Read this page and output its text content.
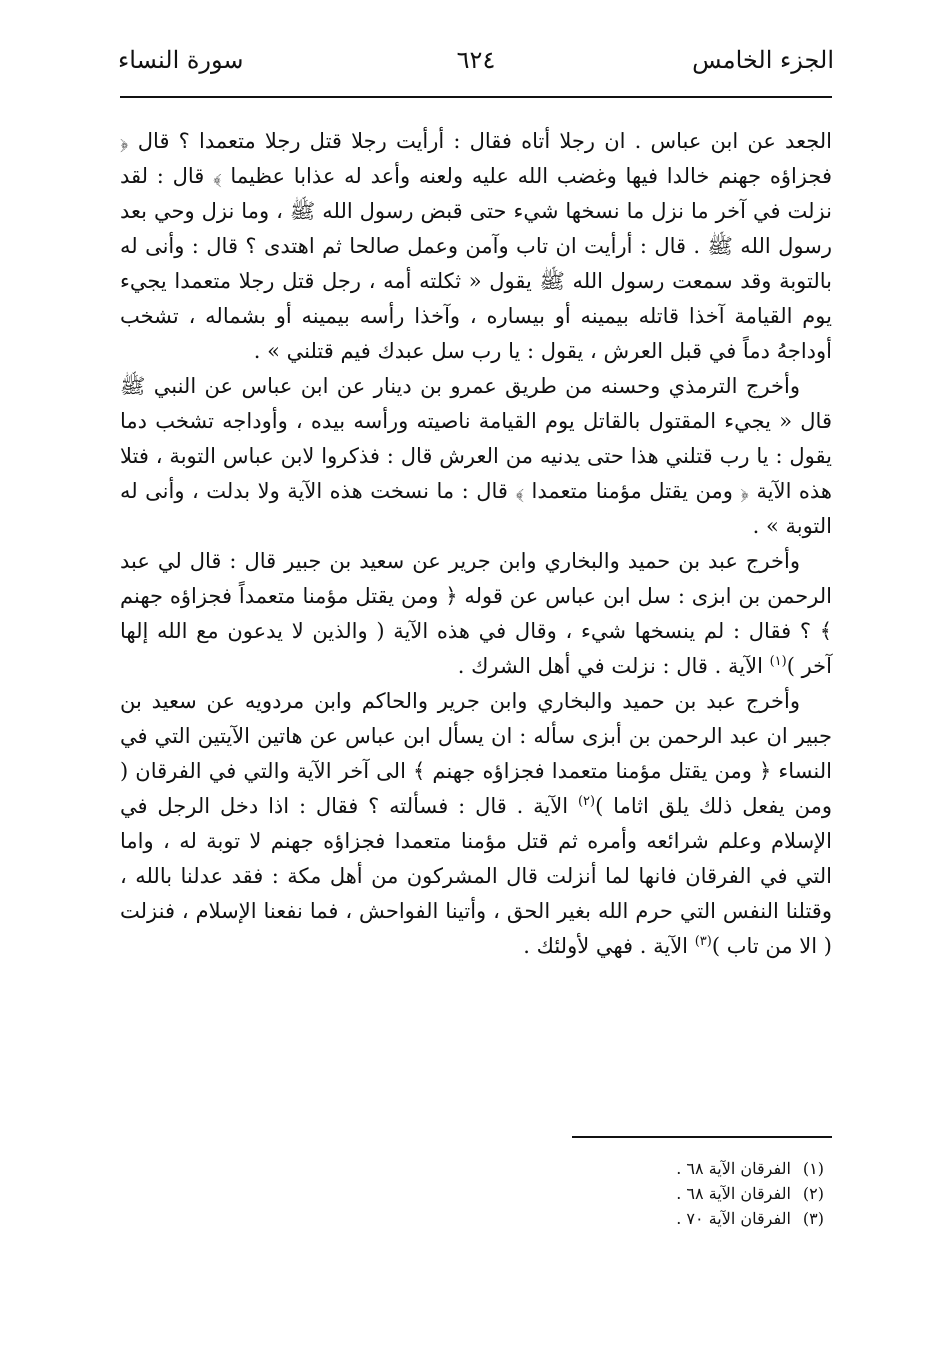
الجزء الخامس
٦٢٤
سورة النساء

الجعد عن ابن عباس . ان رجلا أتاه فقال : أرأيت رجلا قتل رجلا متعمدا ؟ قال ﴿ فجزاؤه جهنم خالدا فيها وغضب الله عليه ولعنه وأعد له عذابا عظيما ﴾ قال : لقد نزلت في آخر ما نزل ما نسخها شيء حتى قبض رسول الله ﷺ ، وما نزل وحي بعد رسول الله ﷺ . قال : أرأيت ان تاب وآمن وعمل صالحا ثم اهتدى ؟ قال : وأنى له بالتوبة وقد سمعت رسول الله ﷺ يقول « ثكلته أمه ، رجل قتل رجلا متعمدا يجيء يوم القيامة آخذا قاتله بيمينه أو بيساره ، وآخذا رأسه بيمينه أو بشماله ، تشخب أوداجهُ دماً في قبل العرش ، يقول : يا رب سل عبدك فيم قتلني » .

وأخرج الترمذي وحسنه من طريق عمرو بن دينار عن ابن عباس عن النبي ﷺ قال « يجيء المقتول بالقاتل يوم القيامة ناصيته ورأسه بيده ، وأوداجه تشخب دما يقول : يا رب قتلني هذا حتى يدنيه من العرش قال : فذكروا لابن عباس التوبة ، فتلا هذه الآية ﴿ ومن يقتل مؤمنا متعمدا ﴾ قال : ما نسخت هذه الآية ولا بدلت ، وأنى له التوبة » .

وأخرج عبد بن حميد والبخاري وابن جرير عن سعيد بن جبير قال : قال لي عبد الرحمن بن ابزى : سل ابن عباس عن قوله ﴿ ومن يقتل مؤمنا متعمداً فجزاؤه جهنم ﴾ ؟ فقال : لم ينسخها شيء ، وقال في هذه الآية ( والذين لا يدعون مع الله إلها آخر )$^{(١)}$ الآية . قال : نزلت في أهل الشرك .

وأخرج عبد بن حميد والبخاري وابن جرير والحاكم وابن مردويه عن سعيد بن جبير ان عبد الرحمن بن أبزى سأله : ان يسأل ابن عباس عن هاتين الآيتين التي في النساء ﴿ ومن يقتل مؤمنا متعمدا فجزاؤه جهنم ﴾ الى آخر الآية والتي في الفرقان ( ومن يفعل ذلك يلق اثاما )$^{(٢)}$ الآية . قال : فسألته ؟ فقال : اذا دخل الرجل في الإسلام وعلم شرائعه وأمره ثم قتل مؤمنا متعمدا فجزاؤه جهنم لا توبة له ، واما التي في الفرقان فانها لما أنزلت قال المشركون من أهل مكة : فقد عدلنا بالله ، وقتلنا النفس التي حرم الله بغير الحق ، وأتينا الفواحش ، فما نفعنا الإسلام ، فنزلت ( الا من تاب )$^{(٣)}$ الآية . فهي لأولئك .

(١)الفرقان الآية ٦٨ .
(٢)الفرقان الآية ٦٨ .
(٣)الفرقان الآية ٧٠ .
